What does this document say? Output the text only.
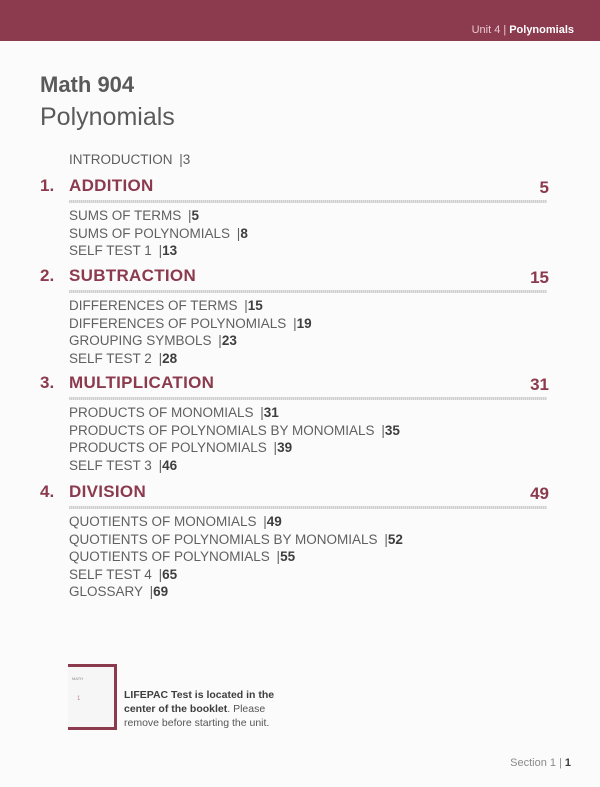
Unit 4 | Polynomials
Math 904
Polynomials
INTRODUCTION |3
1. ADDITION	5
SUMS OF TERMS |5
SUMS OF POLYNOMIALS |8
SELF TEST 1 |13
2. SUBTRACTION	15
DIFFERENCES OF TERMS |15
DIFFERENCES OF POLYNOMIALS |19
GROUPING SYMBOLS |23
SELF TEST 2 |28
3. MULTIPLICATION	31
PRODUCTS OF MONOMIALS |31
PRODUCTS OF POLYNOMIALS BY MONOMIALS |35
PRODUCTS OF POLYNOMIALS |39
SELF TEST 3 |46
4. DIVISION	49
QUOTIENTS OF MONOMIALS |49
QUOTIENTS OF POLYNOMIALS BY MONOMIALS |52
QUOTIENTS OF POLYNOMIALS |55
SELF TEST 4 |65
GLOSSARY |69
MATH
1	LIFEPAC Test is located in the center of the booklet. Please remove before starting the unit.
Section 1 | 1
